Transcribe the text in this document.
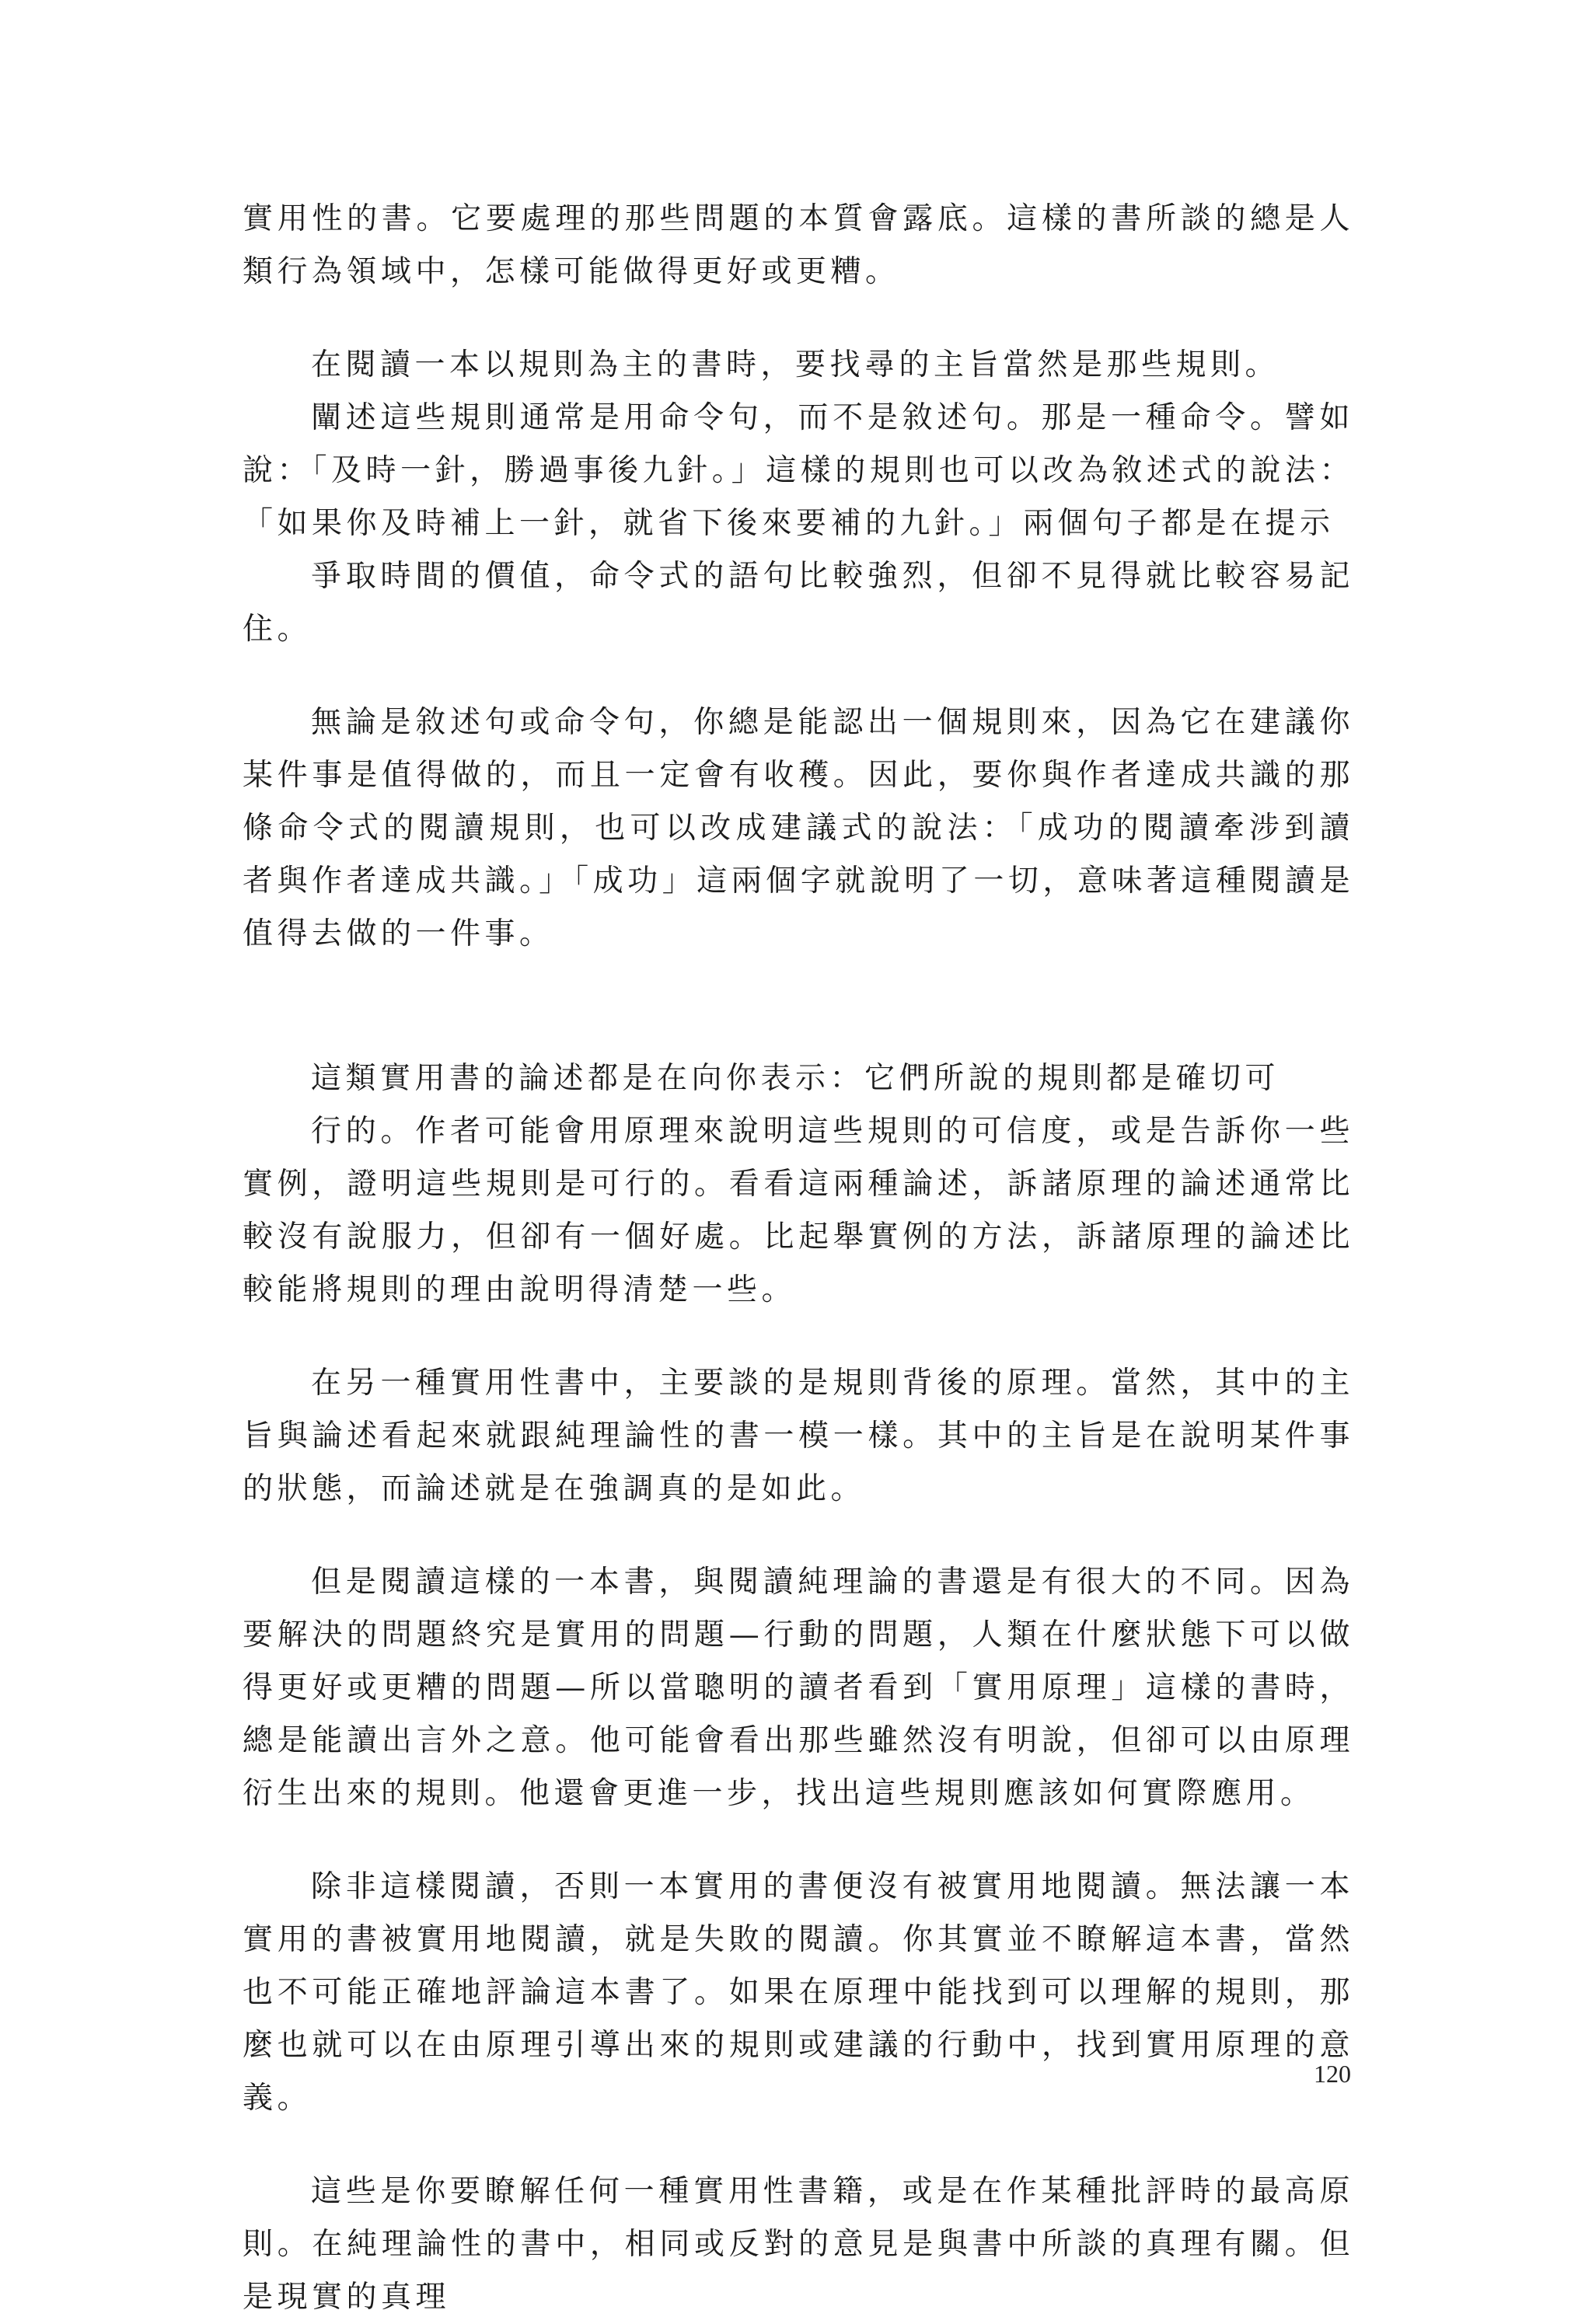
實用性的書。它要處理的那些問題的本質會露底。這樣的書所談的總是人類行為領域中，怎樣可能做得更好或更糟。

在閱讀一本以規則為主的書時，要找尋的主旨當然是那些規則。

闡述這些規則通常是用命令句，而不是敘述句。那是一種命令。譬如說：「及時一針，勝過事後九針。」這樣的規則也可以改為敘述式的說法：「如果你及時補上一針，就省下後來要補的九針。」兩個句子都是在提示

爭取時間的價值，命令式的語句比較強烈，但卻不見得就比較容易記住。

無論是敘述句或命令句，你總是能認出一個規則來，因為它在建議你某件事是值得做的，而且一定會有收穫。因此，要你與作者達成共識的那條命令式的閱讀規則，也可以改成建議式的說法：「成功的閱讀牽涉到讀者與作者達成共識。」「成功」這兩個字就說明了一切，意味著這種閱讀是值得去做的一件事。

這類實用書的論述都是在向你表示：它們所說的規則都是確切可

行的。作者可能會用原理來說明這些規則的可信度，或是告訴你一些實例，證明這些規則是可行的。看看這兩種論述，訴諸原理的論述通常比較沒有說服力，但卻有一個好處。比起舉實例的方法，訴諸原理的論述比較能將規則的理由說明得清楚一些。

在另一種實用性書中，主要談的是規則背後的原理。當然，其中的主旨與論述看起來就跟純理論性的書一模一樣。其中的主旨是在說明某件事的狀態，而論述就是在強調真的是如此。

但是閱讀這樣的一本書，與閱讀純理論的書還是有很大的不同。因為要解決的問題終究是實用的問題—行動的問題，人類在什麼狀態下可以做得更好或更糟的問題—所以當聰明的讀者看到「實用原理」這樣的書時，總是能讀出言外之意。他可能會看出那些雖然沒有明說，但卻可以由原理衍生出來的規則。他還會更進一步，找出這些規則應該如何實際應用。

除非這樣閱讀，否則一本實用的書便沒有被實用地閱讀。無法讓一本實用的書被實用地閱讀，就是失敗的閱讀。你其實並不瞭解這本書，當然也不可能正確地評論這本書了。如果在原理中能找到可以理解的規則，那麼也就可以在由原理引導出來的規則或建議的行動中，找到實用原理的意義。

這些是你要瞭解任何一種實用性書籍，或是在作某種批評時的最高原則。在純理論性的書中，相同或反對的意見是與書中所談的真理有關。但是現實的真理

120
